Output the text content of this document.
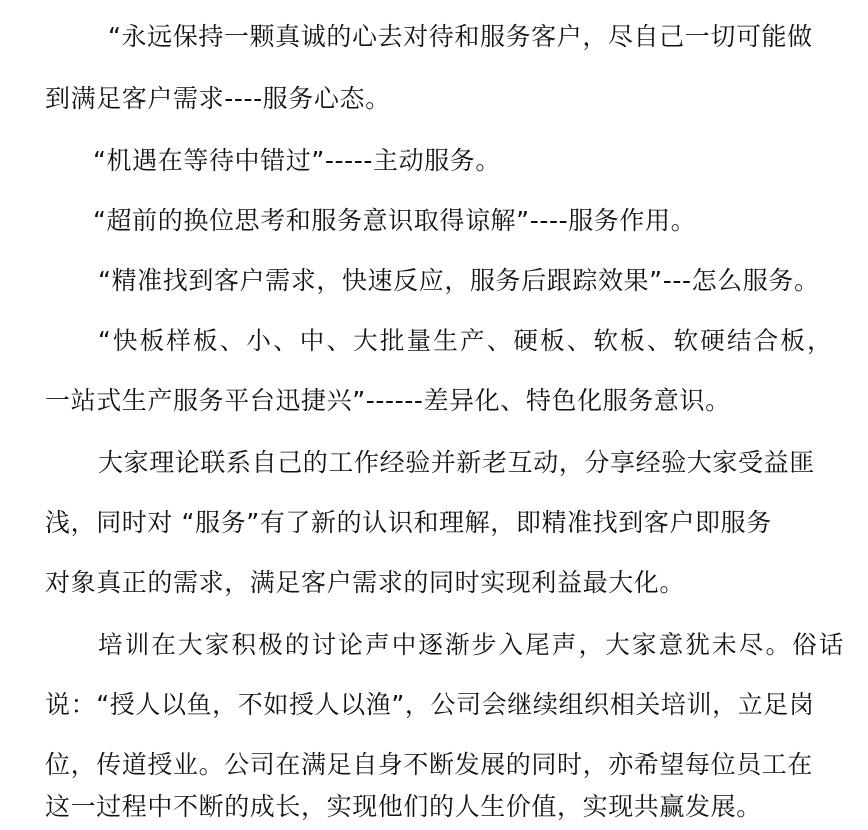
“永远保持一颗真诚的心去对待和服务客户，尽自己一切可能做
到满足客户需求----服务心态。
“机遇在等待中错过”-----主动服务。
“超前的换位思考和服务意识取得谅解”----服务作用。
“精准找到客户需求，快速反应，服务后跟踪效果”---怎么服务。
“快板样板、小、中、大批量生产、硬板、软板、软硬结合板，
一站式生产服务平台迅捷兴”------差异化、特色化服务意识。
大家理论联系自己的工作经验并新老互动，分享经验大家受益匪
浅，同时对 “服务”有了新的认识和理解，即精准找到客户即服务
对象真正的需求，满足客户需求的同时实现利益最大化。
培训在大家积极的讨论声中逐渐步入尾声，大家意犹未尽。俗话
说：“授人以鱼，不如授人以渔”，公司会继续组织相关培训，立足岗
位，传道授业。公司在满足自身不断发展的同时，亦希望每位员工在
这一过程中不断的成长，实现他们的人生价值，实现共赢发展。
